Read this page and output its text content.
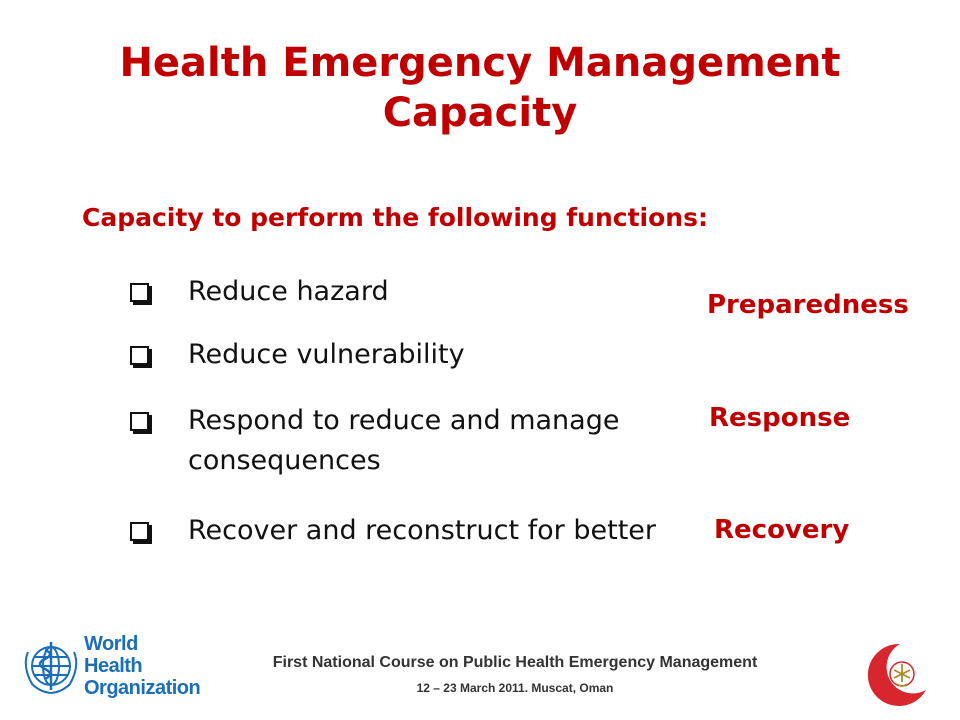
Health Emergency Management
Capacity
Capacity to perform the following functions:
Reduce hazard
Reduce vulnerability
Respond to reduce and manage consequences
Recover and reconstruct for better
Preparedness
Response
Recovery
World Health
Organization
First National Course on Public Health Emergency Management
12 – 23 March 2011. Muscat, Oman
